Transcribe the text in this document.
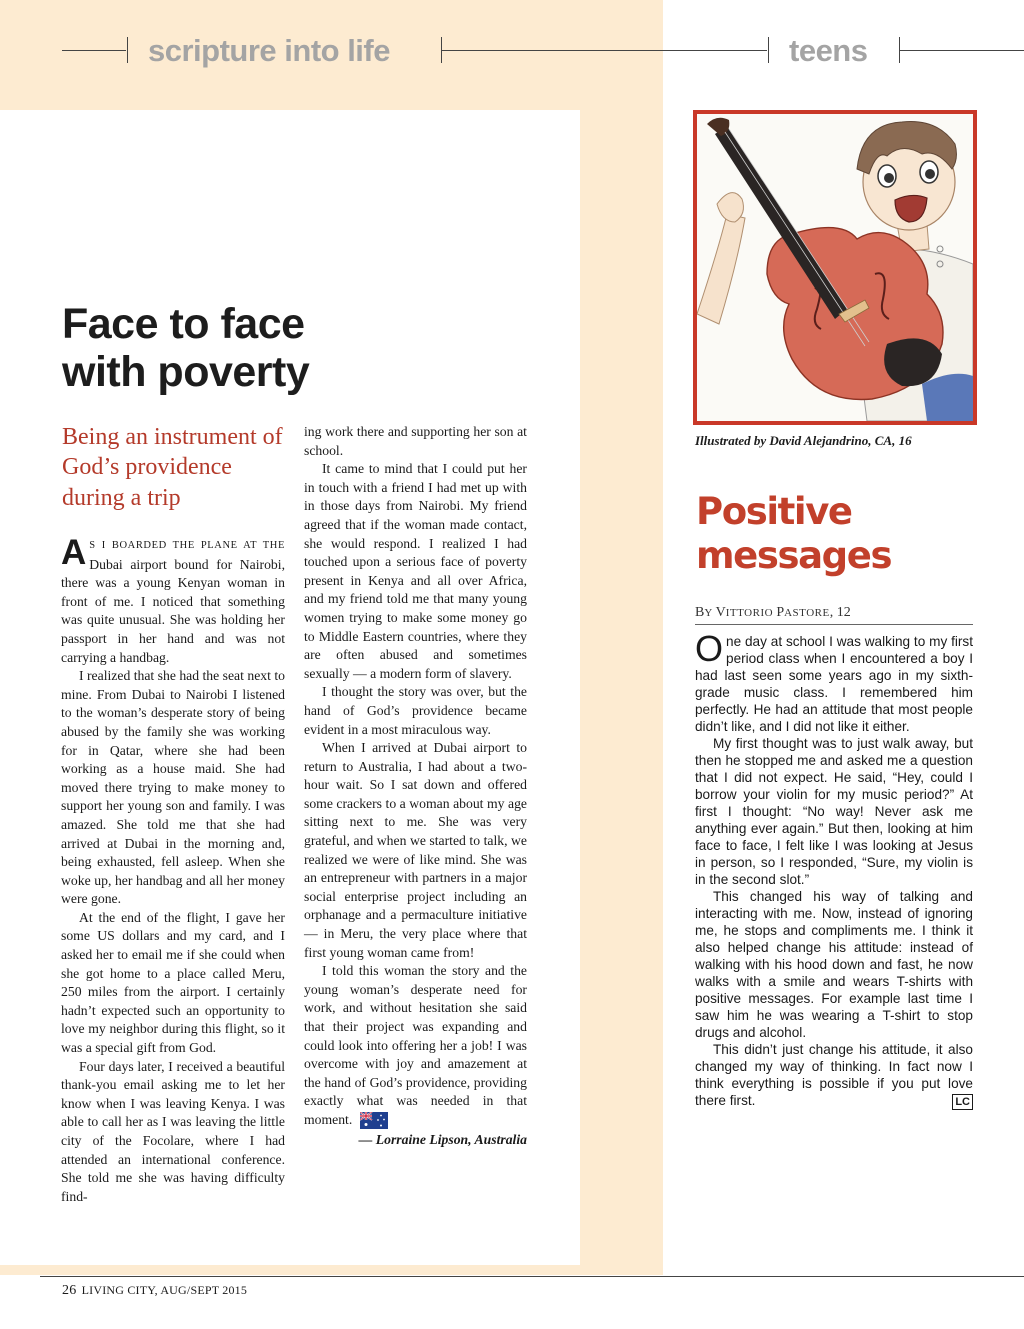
scripture into life	teens
Face to face with poverty
Being an instrument of God’s providence during a trip

A S I BOARDED THE PLANE AT THE Dubai airport bound for Nairobi, there was a young Kenyan woman in front of me. I noticed that something was quite unusual. She was holding her passport in her hand and was not carrying a handbag.

I realized that she had the seat next to mine. From Dubai to Nairobi I listened to the woman’s desperate story of being abused by the family she was working for in Qatar, where she had been working as a house maid. She had moved there trying to make money to support her young son and family. I was amazed. She told me that she had arrived at Dubai in the morning and, being exhausted, fell asleep. When she woke up, her handbag and all her money were gone.

At the end of the flight, I gave her some US dollars and my card, and I asked her to email me if she could when she got home to a place called Meru, 250 miles from the airport. I certainly hadn’t expected such an opportunity to love my neighbor during this flight, so it was a special gift from God.

Four days later, I received a beautiful thank-you email asking me to let her know when I was leaving Kenya. I was able to call her as I was leaving the little city of the Focolare, where I had attended an international conference. She told me she was having difficulty find-

ing work there and supporting her son at school.

It came to mind that I could put her in touch with a friend I had met up with in those days from Nairobi. My friend agreed that if the woman made contact, she would respond. I realized I had touched upon a serious face of poverty present in Kenya and all over Africa, and my friend told me that many young women trying to make some money go to Middle Eastern countries, where they are often abused and sometimes sexually — a modern form of slavery.

I thought the story was over, but the hand of God’s providence became evident in a most miraculous way.

When I arrived at Dubai airport to return to Australia, I had about a two-hour wait. So I sat down and offered some crackers to a woman about my age sitting next to me. She was very grateful, and when we started to talk, we realized we were of like mind. She was an entrepreneur with partners in a major social enterprise project including an orphanage and a permaculture initiative — in Meru, the very place where that first young woman came from!

I told this woman the story and the young woman’s desperate need for work, and without hesitation she said that their project was expanding and could look into offering her a job! I was overcome with joy and amazement at the hand of God’s providence, providing exactly what was needed in that moment.

— Lorraine Lipson, Australia

Illustrated by David Alejandrino, CA, 16

Positive messages
BY VITTORIO PASTORE, 12

One day at school I was walking to my first period class when I encountered a boy I had last seen some years ago in my sixth-grade music class. I remembered him perfectly. He had an attitude that most people didn’t like, and I did not like it either.

My first thought was to just walk away, but then he stopped me and asked me a question that I did not expect. He said, “Hey, could I borrow your violin for my music period?” At first I thought: “No way! Never ask me anything ever again.” But then, looking at him face to face, I felt like I was looking at Jesus in person, so I responded, “Sure, my violin is in the second slot.”

This changed his way of talking and interacting with me. Now, instead of ignoring me, he stops and compliments me. I think it also helped change his attitude: instead of walking with his hood down and fast, he now walks with a smile and wears T-shirts with positive messages. For example last time I saw him he was wearing a T-shirt to stop drugs and alcohol.

This didn’t just change his attitude, it also changed my way of thinking. In fact now I think everything is possible if you put love there first.	LC

26 LIVING CITY, AUG/SEPT 2015
